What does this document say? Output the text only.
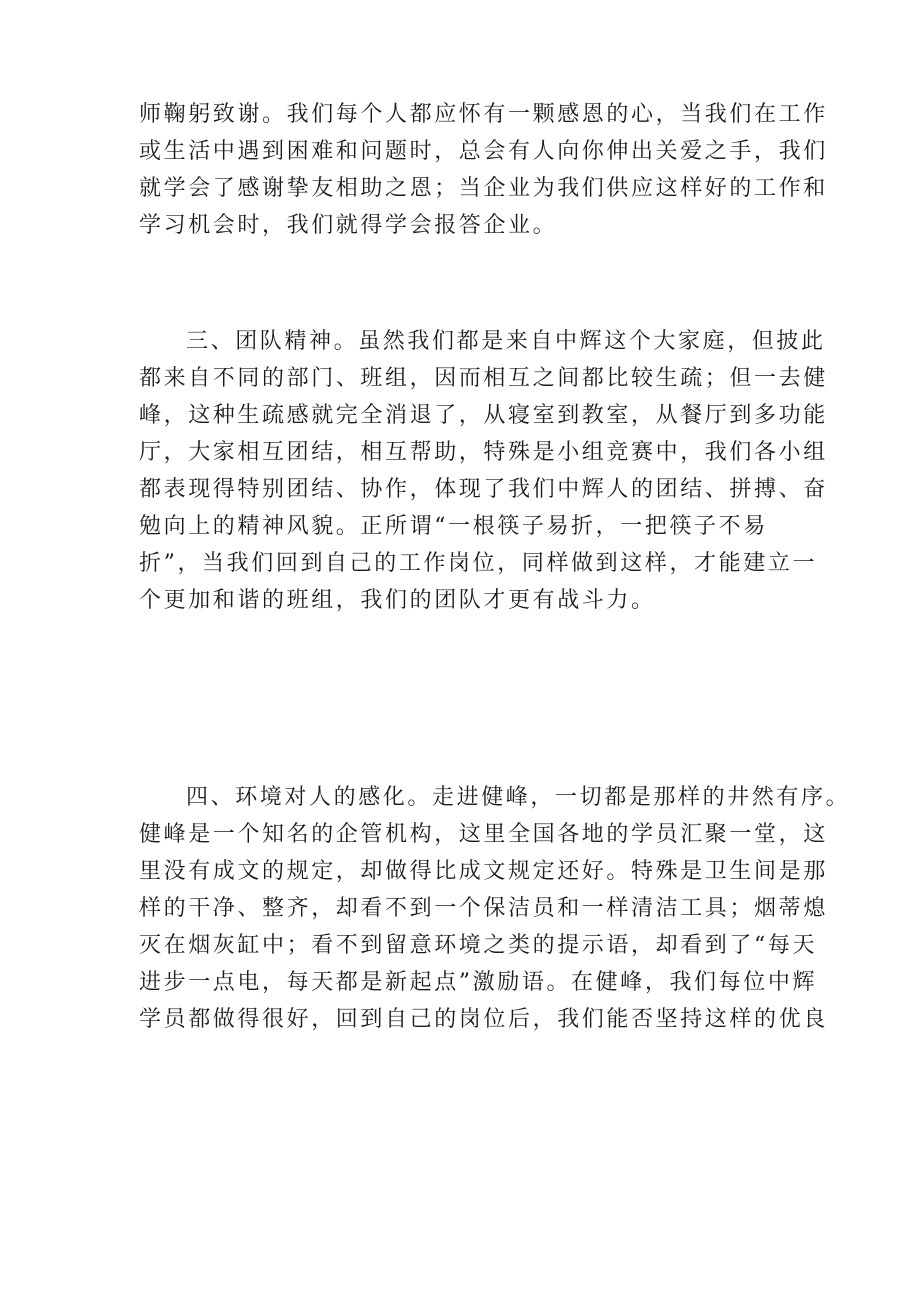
师鞠躬致谢。我们每个人都应怀有一颗感恩的心，当我们在工作
或生活中遇到困难和问题时，总会有人向你伸出关爱之手，我们
就学会了感谢挚友相助之恩；当企业为我们供应这样好的工作和
学习机会时，我们就得学会报答企业。
三、团队精神。虽然我们都是来自中辉这个大家庭，但披此
都来自不同的部门、班组，因而相互之间都比较生疏；但一去健
峰，这种生疏感就完全消退了，从寝室到教室，从餐厅到多功能
厅，大家相互团结，相互帮助，特殊是小组竞赛中，我们各小组
都表现得特别团结、协作，体现了我们中辉人的团结、拼搏、奋
勉向上的精神风貌。正所谓“一根筷子易折，一把筷子不易
折”，当我们回到自己的工作岗位，同样做到这样，才能建立一
个更加和谐的班组，我们的团队才更有战斗力。
四、环境对人的感化。走进健峰，一切都是那样的井然有序。
健峰是一个知名的企管机构，这里全国各地的学员汇聚一堂，这
里没有成文的规定，却做得比成文规定还好。特殊是卫生间是那
样的干净、整齐，却看不到一个保洁员和一样清洁工具；烟蒂熄
灭在烟灰缸中；看不到留意环境之类的提示语，却看到了“每天
进步一点电，每天都是新起点”激励语。在健峰，我们每位中辉
学员都做得很好，回到自己的岗位后，我们能否坚持这样的优良
